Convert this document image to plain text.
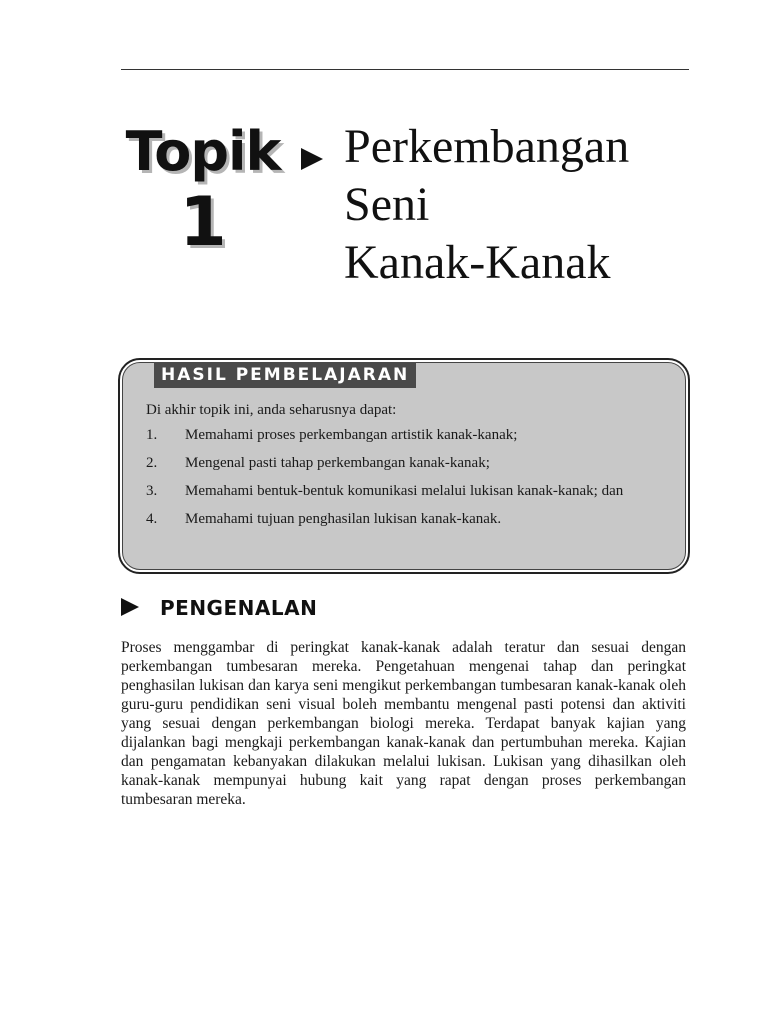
Topik
1
Perkembangan
Seni
Kanak-Kanak
HASIL PEMBELAJARAN
Di akhir topik ini, anda seharusnya dapat:
1.	Memahami proses perkembangan artistik kanak-kanak;
2.	Mengenal pasti tahap perkembangan kanak-kanak;
3.	Memahami bentuk-bentuk komunikasi melalui lukisan kanak-kanak; dan
4.	Memahami tujuan penghasilan lukisan kanak-kanak.
PENGENALAN

Proses menggambar di peringkat kanak-kanak adalah teratur dan sesuai dengan perkembangan tumbesaran mereka. Pengetahuan mengenai tahap dan peringkat penghasilan lukisan dan karya seni mengikut perkembangan tumbesaran kanak-kanak oleh guru-guru pendidikan seni visual boleh membantu mengenal pasti potensi dan aktiviti yang sesuai dengan perkembangan biologi mereka. Terdapat banyak kajian yang dijalankan bagi mengkaji perkembangan kanak-kanak dan pertumbuhan mereka. Kajian dan pengamatan kebanyakan dilakukan melalui lukisan. Lukisan yang dihasilkan oleh kanak-kanak mempunyai hubung kait yang rapat dengan proses perkembangan tumbesaran mereka.
